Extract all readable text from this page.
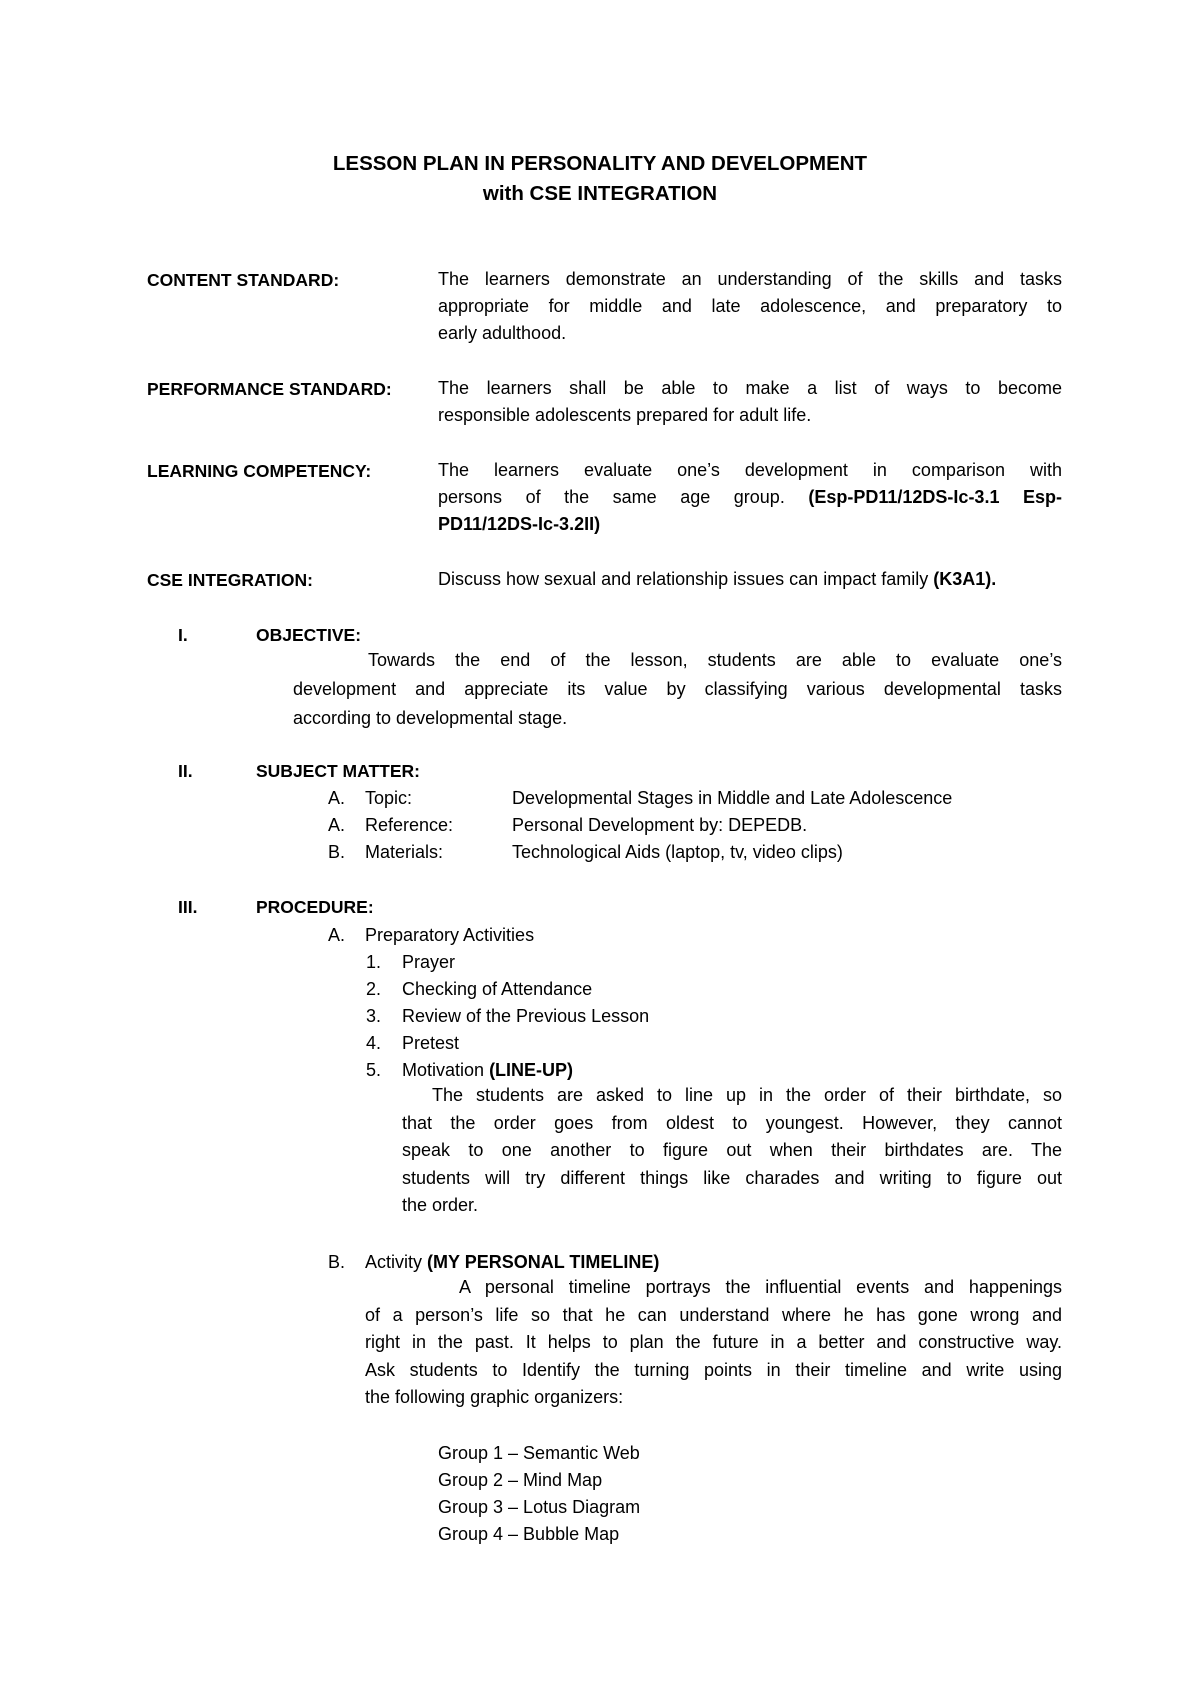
LESSON PLAN IN PERSONALITY AND DEVELOPMENT
with CSE INTEGRATION
CONTENT STANDARD:	The learners demonstrate an understanding of the skills and tasks
appropriate for middle and late adolescence, and preparatory to
early adulthood.
PERFORMANCE STANDARD:	The learners shall be able to make a list of ways to become
responsible adolescents prepared for adult life.
LEARNING COMPETENCY:	The learners evaluate one’s development in comparison with
persons of the same age group. (Esp-PD11/12DS-Ic-3.1 Esp-
PD11/12DS-Ic-3.2II)
CSE INTEGRATION:	Discuss how sexual and relationship issues can impact family (K3A1).
I.	OBJECTIVE:
Towards the end of the lesson, students are able to evaluate one’s
development and appreciate its value by classifying various developmental tasks
according to developmental stage.
II.	SUBJECT MATTER:
A. Topic:	Developmental Stages in Middle and Late Adolescence
A. Reference:	Personal Development by: DEPEDB.
B. Materials:	Technological Aids (laptop, tv, video clips)
III.	PROCEDURE:
A. Preparatory Activities
1. Prayer
2. Checking of Attendance
3. Review of the Previous Lesson
4. Pretest
5. Motivation (LINE-UP)
The students are asked to line up in the order of their birthdate, so
that the order goes from oldest to youngest. However, they cannot
speak to one another to figure out when their birthdates are. The
students will try different things like charades and writing to figure out
the order.
B. Activity (MY PERSONAL TIMELINE)
A personal timeline portrays the influential events and happenings
of a person’s life so that he can understand where he has gone wrong and
right in the past. It helps to plan the future in a better and constructive way.
Ask students to Identify the turning points in their timeline and write using
the following graphic organizers:
Group 1 – Semantic Web
Group 2 – Mind Map
Group 3 – Lotus Diagram
Group 4 – Bubble Map
